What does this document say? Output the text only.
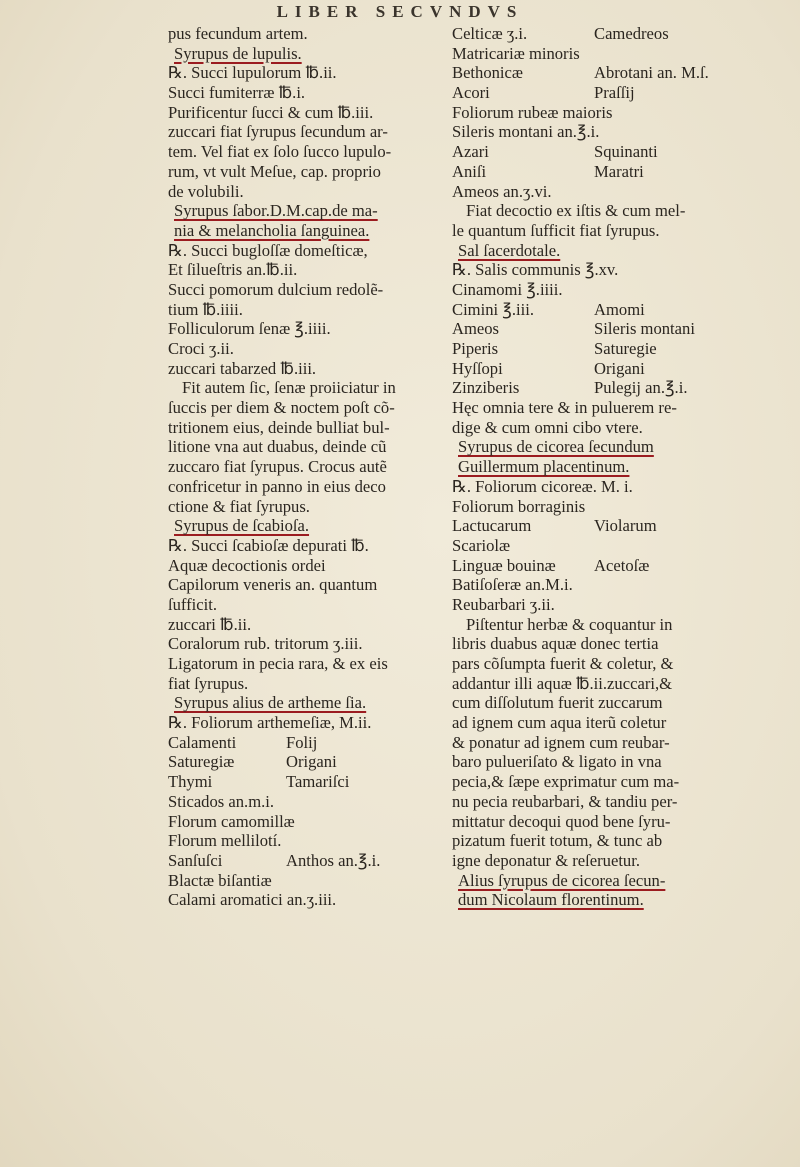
LIBER SECVNDVS
pus fecundum artem.
Syrupus de lupulis.
℞. Succi lupulorum ℔.ii.
Succi fumiterræ ℔.i.
Purificentur ſucci & cum ℔.iii.
zuccari fiat ſyrupus ſecundum ar-
tem. Vel fiat ex ſolo ſucco lupulo-
rum, vt vult Meſue, cap. proprio
de volubili.
Syrupus ſabor.D.M.cap.de ma-
nia & melancholia ſanguinea.
℞. Succi bugloſſæ domeſticæ,
Et ſilueſtris an.℔.ii.
Succi pomorum dulcium redolẽ-
tium ℔.iiii.
Folliculorum ſenæ ℥.iiii.
Croci ʒ.ii.
zuccari tabarzed ℔.iii.
Fit autem ſic, ſenæ proiiciatur in
ſuccis per diem & noctem poſt cõ-
tritionem eius, deinde bulliat bul-
litione vna aut duabus, deinde cũ
zuccaro fiat ſyrupus. Crocus autẽ
confricetur in panno in eius deco
ctione & fiat ſyrupus.
Syrupus de ſcabioſa.
℞. Succi ſcabioſæ depurati ℔.
Aquæ decoctionis ordei
Capilorum veneris an. quantum
ſufficit.
zuccari ℔.ii.
Coralorum rub. tritorum ʒ.iii.
Ligatorum in pecia rara, & ex eis
fiat ſyrupus.
Syrupus alius de artheme ſia.
℞. Foliorum arthemeſiæ, M.ii.
Calamenti	Folij
Saturegiæ	Origani
Thymi	Tamariſci
Sticados an.m.i.
Florum camomillæ
Florum mellilotí.
Sanſuſci	Anthos an.℥.i.
Blactæ biſantiæ
Calami aromatici an.ʒ.iii.
Celticæ ʒ.i.	Camedreos
Matricariæ minoris
Bethonicæ	Abrotani an. M.ſ.
Acori	Praſſij
Foliorum rubeæ maioris
Sileris montani an.℥.i.
Azari	Squinanti
Aniſi	Maratri
Ameos an.ʒ.vi.
Fiat decoctio ex iſtis & cum mel-
le quantum ſufficit fiat ſyrupus.
Sal ſacerdotale.
℞. Salis communis ℥.xv.
Cinamomi ℥.iiii.
Cimini ℥.iii.	Amomi
Ameos	Sileris montani
Piperis	Saturegie
Hyſſopi	Origani
Zinziberis	Pulegij an.℥.i.
Hęc omnia tere & in puluerem re-
dige & cum omni cibo vtere.
Syrupus de cicorea ſecundum
Guillermum placentinum.
℞. Foliorum cicoreæ. M. i.
Foliorum borraginis
Lactucarum	Violarum
Scariolæ
Linguæ bouinæ	Acetoſæ
Batiſoſeræ an.M.i.
Reubarbari ʒ.ii.
Piſtentur herbæ & coquantur in
libris duabus aquæ donec tertia
pars cõſumpta fuerit & coletur, &
addantur illi aquæ ℔.ii.zuccari,&
cum diſſolutum fuerit zuccarum
ad ignem cum aqua iterũ coletur
& ponatur ad ignem cum reubar-
baro pulueriſato & ligato in vna
pecia,& ſæpe exprimatur cum ma-
nu pecia reubarbari, & tandiu per-
mittatur decoqui quod bene ſyru-
pizatum fuerit totum, & tunc ab
igne deponatur & reſeruetur.
Alius ſyrupus de cicorea ſecun-
dum Nicolaum florentinum.
